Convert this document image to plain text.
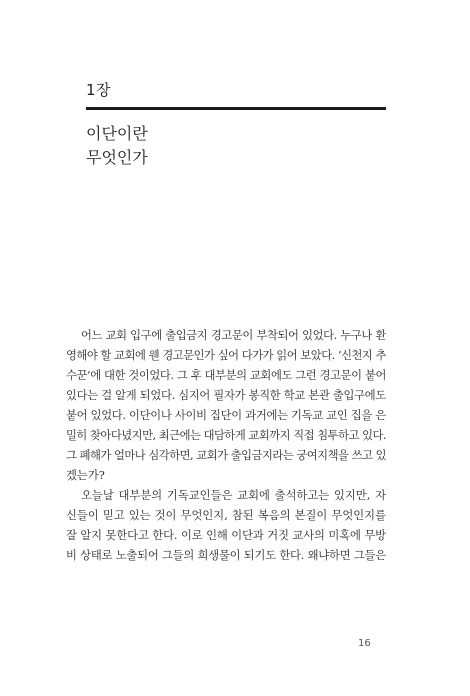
1장
이단이란
무엇인가

어느 교회 입구에 출입금지 경고문이 부착되어 있었다. 누구나 환

영해야 할 교회에 웬 경고문인가 싶어 다가가 읽어 보았다. ‘신천지 추

수꾼’에 대한 것이었다. 그 후 대부분의 교회에도 그런 경고문이 붙어

있다는 걸 알게 되었다. 심지어 필자가 봉직한 학교 본관 출입구에도

붙어 있었다. 이단이나 사이비 집단이 과거에는 기독교 교인 집을 은

밀히 찾아다녔지만, 최근에는 대담하게 교회까지 직접 침투하고 있다.

그 폐해가 얼마나 심각하면, 교회가 출입금지라는 궁여지책을 쓰고 있

겠는가?

오늘날 대부분의 기독교인들은 교회에 출석하고는 있지만, 자

신들이 믿고 있는 것이 무엇인지, 참된 복음의 본질이 무엇인지를

잘 알지 못한다고 한다. 이로 인해 이단과 거짓 교사의 미혹에 무방

비 상태로 노출되어 그들의 희생물이 되기도 한다. 왜냐하면 그들은

16
